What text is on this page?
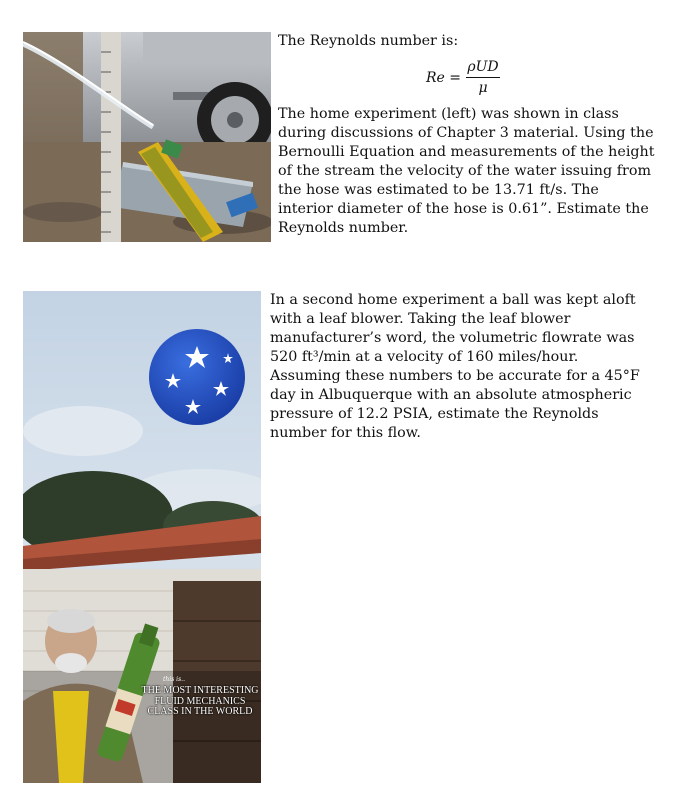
The Reynolds number is:
Re =
ρUD
μ
The home experiment (left) was shown in class during discussions of Chapter 3 material. Using the Bernoulli Equation and measurements of the height of the stream the velocity of the water issuing from the hose was estimated to be 13.71 ft/s. The interior diameter of the hose is 0.61”. Estimate the Reynolds number.
this is..
THE MOST INTERESTING
FLUID MECHANICS
CLASS IN THE WORLD
In a second home experiment a ball was kept aloft with a leaf blower. Taking the leaf blower manufacturer’s word, the volumetric flowrate was 520 ft³/min at a velocity of 160 miles/hour. Assuming these numbers to be accurate for a 45°F day in Albuquerque with an absolute atmospheric pressure of 12.2 PSIA, estimate the Reynolds number for this flow.
